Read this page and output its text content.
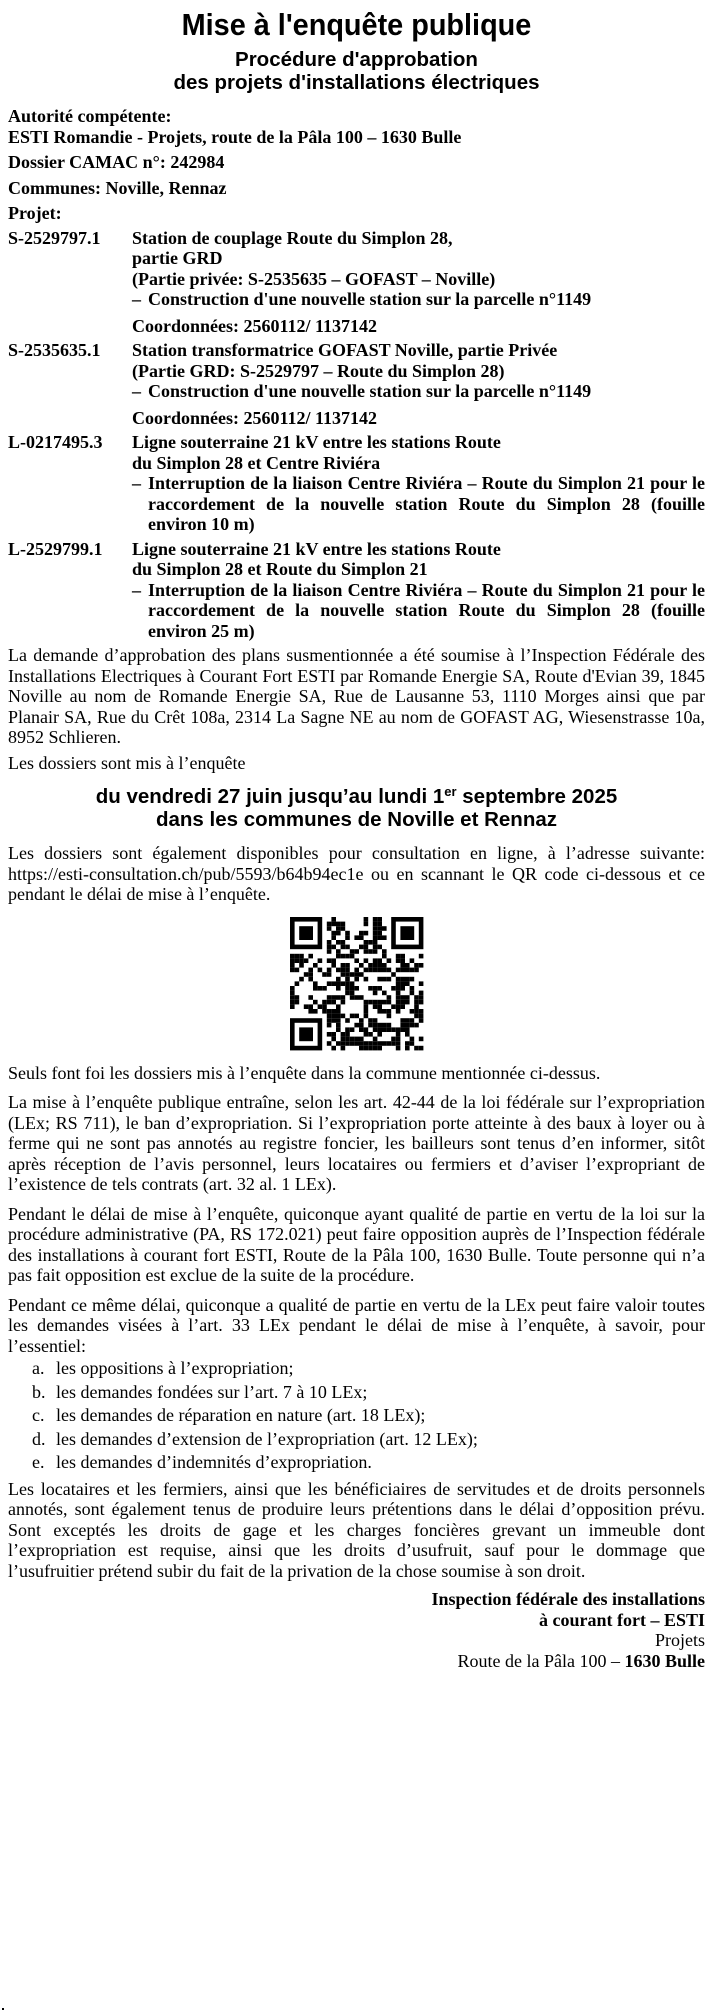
Mise à l'enquête publique
Procédure d'approbation
des projets d'installations électriques
Autorité compétente:
ESTI Romandie - Projets, route de la Pâla 100 – 1630 Bulle
Dossier CAMAC n°: 242984
Communes: Noville, Rennaz
Projet:
S-2529797.1	Station de couplage Route du Simplon 28,
partie GRD
(Partie privée: S-2535635 – GOFAST – Noville)
– Construction d'une nouvelle station sur la parcelle n°1149
Coordonnées: 2560112/ 1137142
S-2535635.1	Station transformatrice GOFAST Noville, partie Privée
(Partie GRD: S-2529797 – Route du Simplon 28)
– Construction d'une nouvelle station sur la parcelle n°1149
Coordonnées: 2560112/ 1137142
L-0217495.3	Ligne souterraine 21 kV entre les stations Route
du Simplon 28 et Centre Riviéra
– Interruption de la liaison Centre Riviéra – Route du Simplon 21 pour le raccordement de la nouvelle station Route du Simplon 28 (fouille environ 10 m)
L-2529799.1	Ligne souterraine 21 kV entre les stations Route
du Simplon 28 et Route du Simplon 21
– Interruption de la liaison Centre Riviéra – Route du Simplon 21 pour le raccordement de la nouvelle station Route du Simplon 28 (fouille environ 25 m)

La demande d’approbation des plans susmentionnée a été soumise à l’Inspection Fédérale des Installations Electriques à Courant Fort ESTI par Romande Energie SA, Route d'Evian 39, 1845 Noville au nom de Romande Energie SA, Rue de Lausanne 53, 1110 Morges ainsi que par Planair SA, Rue du Crêt 108a, 2314 La Sagne NE au nom de GOFAST AG, Wiesenstrasse 10a, 8952 Schlieren.

Les dossiers sont mis à l’enquête

du vendredi 27 juin jusqu’au lundi 1er septembre 2025
dans les communes de Noville et Rennaz

Les dossiers sont également disponibles pour consultation en ligne, à l’adresse suivante: https://esti-consultation.ch/pub/5593/b64b94ec1e ou en scannant le QR code ci-dessous et ce pendant le délai de mise à l’enquête.

Seuls font foi les dossiers mis à l’enquête dans la commune mentionnée ci-dessus.

La mise à l’enquête publique entraîne, selon les art. 42-44 de la loi fédérale sur l’expropriation (LEx; RS 711), le ban d’expropriation. Si l’expropriation porte atteinte à des baux à loyer ou à ferme qui ne sont pas annotés au registre foncier, les bailleurs sont tenus d’en informer, sitôt après réception de l’avis personnel, leurs locataires ou fermiers et d’aviser l’expropriant de l’existence de tels contrats (art. 32 al. 1 LEx).

Pendant le délai de mise à l’enquête, quiconque ayant qualité de partie en vertu de la loi sur la procédure administrative (PA, RS 172.021) peut faire opposition auprès de l’Inspection fédérale des installations à courant fort ESTI, Route de la Pâla 100, 1630 Bulle. Toute personne qui n’a pas fait opposition est exclue de la suite de la procédure.

Pendant ce même délai, quiconque a qualité de partie en vertu de la LEx peut faire valoir toutes les demandes visées à l’art. 33 LEx pendant le délai de mise à l’enquête, à savoir, pour l’essentiel:

a. les oppositions à l’expropriation;
b. les demandes fondées sur l’art. 7 à 10 LEx;
c. les demandes de réparation en nature (art. 18 LEx);
d. les demandes d’extension de l’expropriation (art. 12 LEx);
e. les demandes d’indemnités d’expropriation.

Les locataires et les fermiers, ainsi que les bénéficiaires de servitudes et de droits personnels annotés, sont également tenus de produire leurs prétentions dans le délai d’opposition prévu. Sont exceptés les droits de gage et les charges foncières grevant un immeuble dont l’expropriation est requise, ainsi que les droits d’usufruit, sauf pour le dommage que l’usufruitier prétend subir du fait de la privation de la chose soumise à son droit.

Inspection fédérale des installations
à courant fort – ESTI
Projets
Route de la Pâla 100 – 1630 Bulle
